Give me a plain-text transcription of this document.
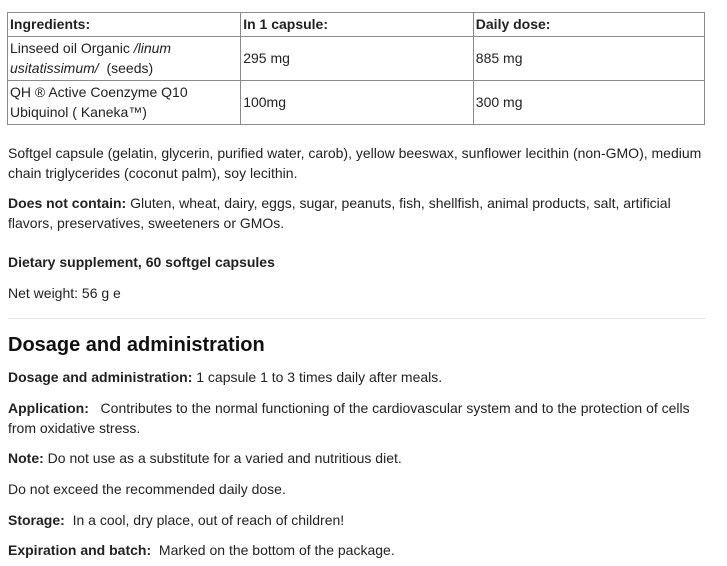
Ingredients:	In 1 capsule:	Daily dose:
Linseed oil Organic /linum usitatissimum/  (seeds)	295 mg	885 mg
QH ® Active Coenzyme Q10 Ubiquinol ( Kaneka™)	100mg	300 mg

Softgel capsule (gelatin, glycerin, purified water, carob), yellow beeswax, sunflower lecithin (non-GMO), medium chain triglycerides (coconut palm), soy lecithin.

Does not contain: Gluten, wheat, dairy, eggs, sugar, peanuts, fish, shellfish, animal products, salt, artificial flavors, preservatives, sweeteners or GMOs.

Dietary supplement, 60 softgel capsules

Net weight: 56 g e

Dosage and administration

Dosage and administration: 1 capsule 1 to 3 times daily after meals.

Application:   Contributes to the normal functioning of the cardiovascular system and to the protection of cells from oxidative stress.

Note: Do not use as a substitute for a varied and nutritious diet.

Do not exceed the recommended daily dose.

Storage:  In a cool, dry place, out of reach of children!

Expiration and batch:  Marked on the bottom of the package.
